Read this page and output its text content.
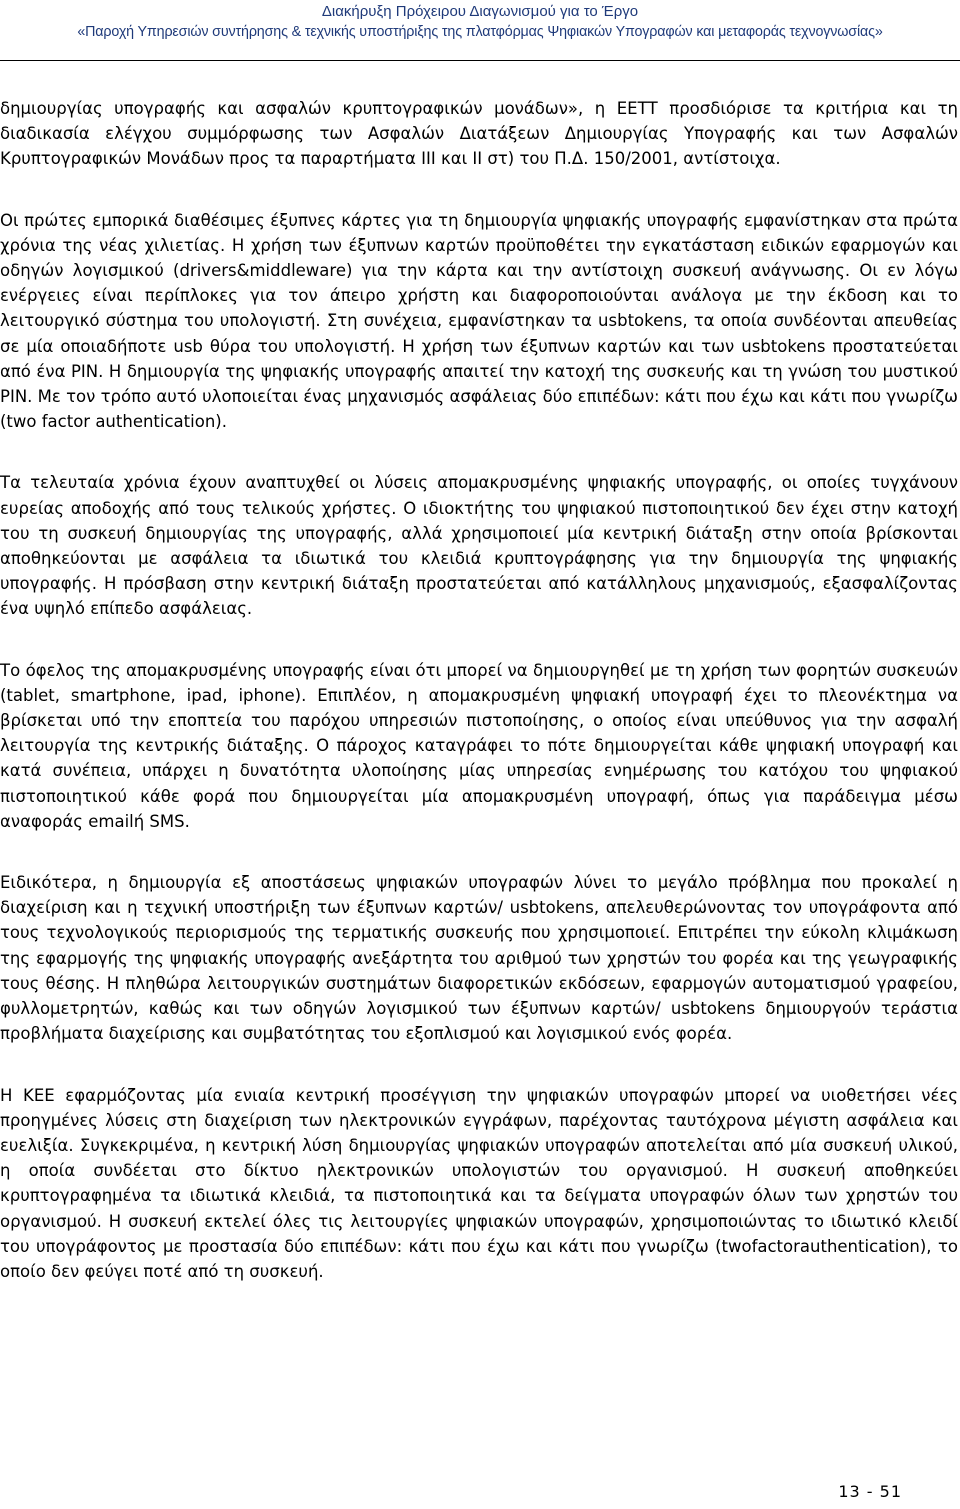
Διακήρυξη Πρόχειρου Διαγωνισμού για το Έργο
«Παροχή Υπηρεσιών συντήρησης & τεχνικής υποστήριξης της πλατφόρμας Ψηφιακών Υπογραφών και μεταφοράς τεχνογνωσίας»

δημιουργίας υπογραφής και ασφαλών κρυπτογραφικών μονάδων», η ΕΕΤΤ προσδιόρισε τα κριτήρια και τη διαδικασία ελέγχου συμμόρφωσης των Ασφαλών Διατάξεων Δημιουργίας Υπογραφής και των Ασφαλών Κρυπτογραφικών Μονάδων προς τα παραρτήματα ΙΙΙ και ΙΙ στ) του Π.Δ. 150/2001, αντίστοιχα.

Οι πρώτες εμπορικά διαθέσιμες έξυπνες κάρτες για τη δημιουργία ψηφιακής υπογραφής εμφανίστηκαν στα πρώτα χρόνια της νέας χιλιετίας. Η χρήση των έξυπνων καρτών προϋποθέτει την εγκατάσταση ειδικών εφαρμογών και οδηγών λογισμικού (drivers&middleware) για την κάρτα και την αντίστοιχη συσκευή ανάγνωσης. Οι εν λόγω ενέργειες είναι περίπλοκες για τον άπειρο χρήστη και διαφοροποιούνται ανάλογα με την έκδοση και το λειτουργικό σύστημα του υπολογιστή. Στη συνέχεια, εμφανίστηκαν τα usbtokens, τα οποία συνδέονται απευθείας σε μία οποιαδήποτε usb θύρα του υπολογιστή. Η χρήση των έξυπνων καρτών και των usbtokens προστατεύεται από ένα PIN. Η δημιουργία της ψηφιακής υπογραφής απαιτεί την κατοχή της συσκευής και τη γνώση του μυστικού PIN. Με τον τρόπο αυτό υλοποιείται ένας μηχανισμός ασφάλειας δύο επιπέδων: κάτι που έχω και κάτι που γνωρίζω (two factor authentication).

Τα τελευταία χρόνια έχουν αναπτυχθεί οι λύσεις απομακρυσμένης ψηφιακής υπογραφής, οι οποίες τυγχάνουν ευρείας αποδοχής από τους τελικούς χρήστες. Ο ιδιοκτήτης του ψηφιακού πιστοποιητικού δεν έχει στην κατοχή του τη συσκευή δημιουργίας της υπογραφής, αλλά χρησιμοποιεί μία κεντρική διάταξη στην οποία βρίσκονται αποθηκεύονται με ασφάλεια τα ιδιωτικά του κλειδιά κρυπτογράφησης για την δημιουργία της ψηφιακής υπογραφής. Η πρόσβαση στην κεντρική διάταξη προστατεύεται από κατάλληλους μηχανισμούς, εξασφαλίζοντας ένα υψηλό επίπεδο ασφάλειας.

Το όφελος της απομακρυσμένης υπογραφής είναι ότι μπορεί να δημιουργηθεί με τη χρήση των φορητών συσκευών (tablet, smartphone, ipad, iphone). Επιπλέον, η απομακρυσμένη ψηφιακή υπογραφή έχει το πλεονέκτημα να βρίσκεται υπό την εποπτεία του παρόχου υπηρεσιών πιστοποίησης, ο οποίος είναι υπεύθυνος για την ασφαλή λειτουργία της κεντρικής διάταξης. Ο πάροχος καταγράφει το πότε δημιουργείται κάθε ψηφιακή υπογραφή και κατά συνέπεια, υπάρχει η δυνατότητα υλοποίησης μίας υπηρεσίας ενημέρωσης του κατόχου του ψηφιακού πιστοποιητικού κάθε φορά που δημιουργείται μία απομακρυσμένη υπογραφή, όπως για παράδειγμα μέσω αναφοράς emailή SMS.

Ειδικότερα, η δημιουργία εξ αποστάσεως ψηφιακών υπογραφών λύνει το μεγάλο πρόβλημα που προκαλεί η διαχείριση και η τεχνική υποστήριξη των έξυπνων καρτών/ usbtokens, απελευθερώνοντας τον υπογράφοντα από τους τεχνολογικούς περιορισμούς της τερματικής συσκευής που χρησιμοποιεί. Επιτρέπει την εύκολη κλιμάκωση της εφαρμογής της ψηφιακής υπογραφής ανεξάρτητα του αριθμού των χρηστών του φορέα και της γεωγραφικής τους θέσης. Η πληθώρα λειτουργικών συστημάτων διαφορετικών εκδόσεων, εφαρμογών αυτοματισμού γραφείου, φυλλομετρητών, καθώς και των οδηγών λογισμικού των έξυπνων καρτών/ usbtokens δημιουργούν τεράστια προβλήματα διαχείρισης και συμβατότητας του εξοπλισμού και λογισμικού ενός φορέα.

Η ΚΕΕ εφαρμόζοντας μία ενιαία κεντρική προσέγγιση την ψηφιακών υπογραφών μπορεί να υιοθετήσει νέες προηγμένες λύσεις στη διαχείριση των ηλεκτρονικών εγγράφων, παρέχοντας ταυτόχρονα μέγιστη ασφάλεια και ευελιξία. Συγκεκριμένα, η κεντρική λύση δημιουργίας ψηφιακών υπογραφών αποτελείται από μία συσκευή υλικού, η οποία συνδέεται στο δίκτυο ηλεκτρονικών υπολογιστών του οργανισμού. Η συσκευή αποθηκεύει κρυπτογραφημένα τα ιδιωτικά κλειδιά, τα πιστοποιητικά και τα δείγματα υπογραφών όλων των χρηστών του οργανισμού. Η συσκευή εκτελεί όλες τις λειτουργίες ψηφιακών υπογραφών, χρησιμοποιώντας το ιδιωτικό κλειδί του υπογράφοντος με προστασία δύο επιπέδων: κάτι που έχω και κάτι που γνωρίζω (twofactorauthentication), το οποίο δεν φεύγει ποτέ από τη συσκευή.

13 - 51
